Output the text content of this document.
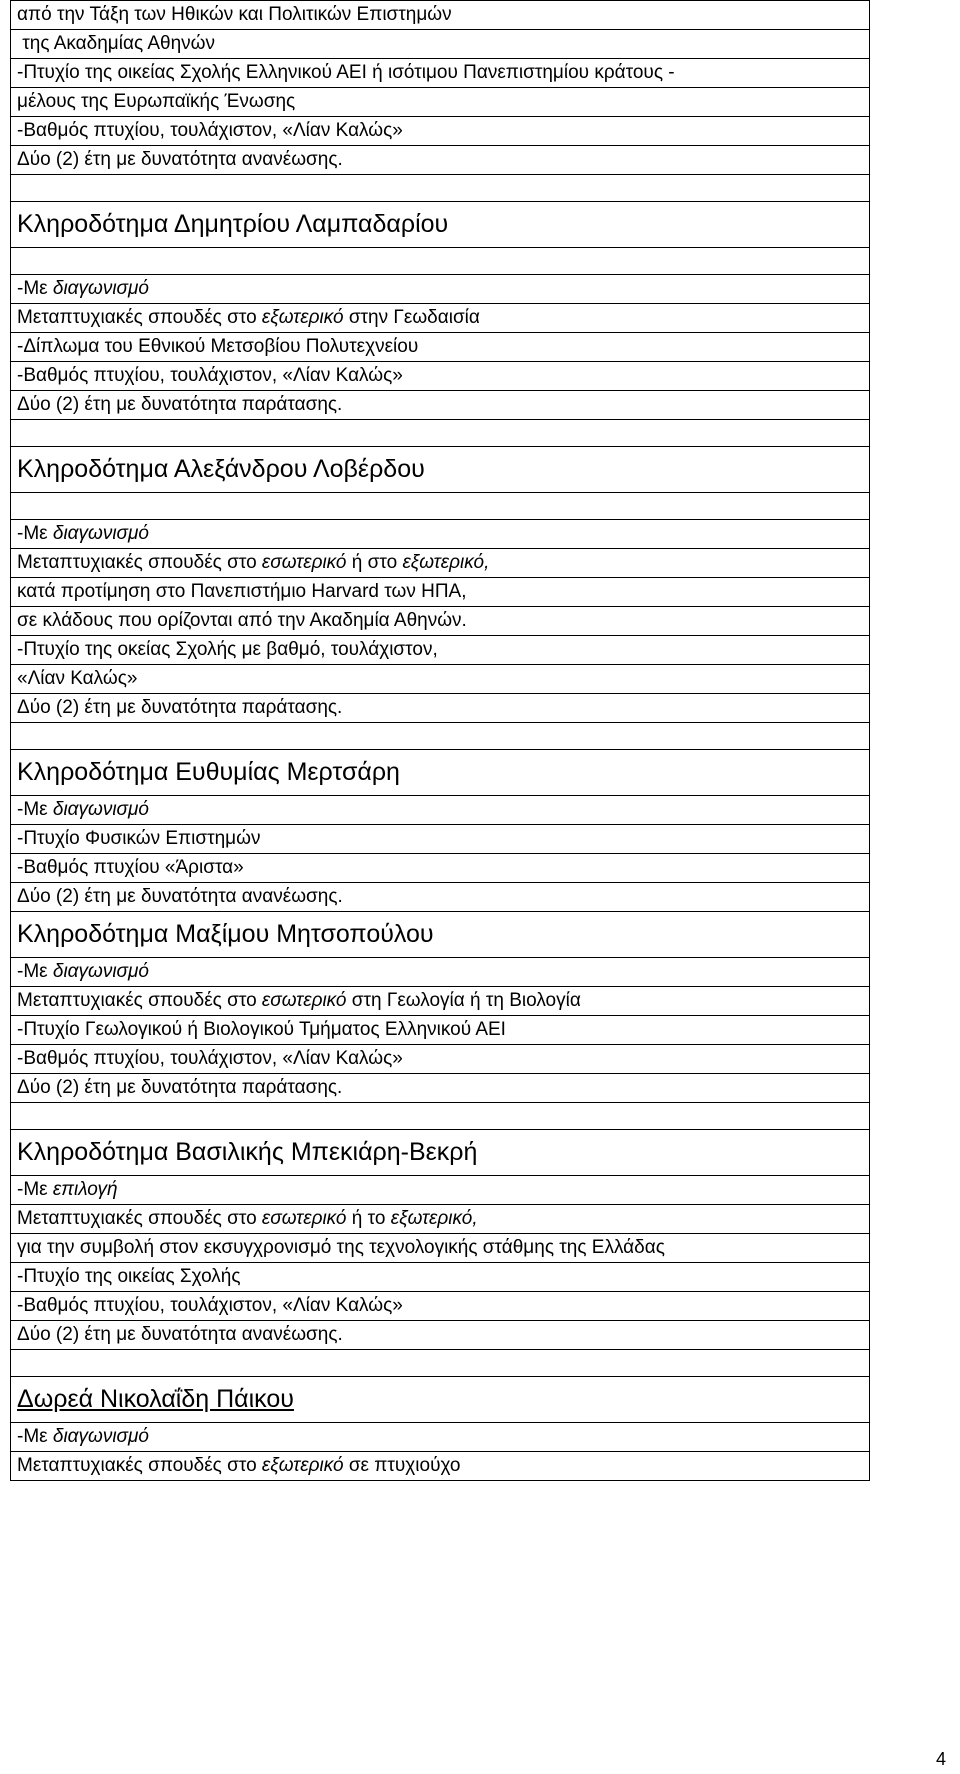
από την Τάξη των Ηθικών και Πολιτικών Επιστημών
της Ακαδημίας Αθηνών
-Πτυχίο της οικείας Σχολής Ελληνικού ΑΕΙ ή ισότιμου Πανεπιστημίου κράτους -
μέλους της Ευρωπαϊκής Ένωσης
-Βαθμός πτυχίου, τουλάχιστον, «Λίαν Καλώς»
Δύο (2) έτη με δυνατότητα ανανέωσης.

Κληροδότημα Δημητρίου Λαμπαδαρίου

-Με διαγωνισμό
Μεταπτυχιακές σπουδές στο εξωτερικό στην Γεωδαισία
-Δίπλωμα του Εθνικού Μετσοβίου Πολυτεχνείου
-Βαθμός πτυχίου, τουλάχιστον, «Λίαν Καλώς»
Δύο (2) έτη με δυνατότητα παράτασης.

Κληροδότημα Αλεξάνδρου Λοβέρδου

-Με διαγωνισμό
Μεταπτυχιακές σπουδές στο εσωτερικό ή στο εξωτερικό,
κατά προτίμηση στο Πανεπιστήμιο Harvard των ΗΠΑ,
σε κλάδους που ορίζονται από την Ακαδημία Αθηνών.
-Πτυχίο της οκείας Σχολής με βαθμό, τουλάχιστον,
«Λίαν Καλώς»
Δύο (2) έτη με δυνατότητα παράτασης.

Κληροδότημα Ευθυμίας Μερτσάρη
-Με διαγωνισμό
-Πτυχίο Φυσικών Επιστημών
-Βαθμός πτυχίου «Άριστα»
Δύο (2) έτη με δυνατότητα ανανέωσης.
Κληροδότημα Μαξίμου Μητσοπούλου
-Με διαγωνισμό
Μεταπτυχιακές σπουδές στο εσωτερικό στη Γεωλογία ή τη Βιολογία
-Πτυχίο Γεωλογικού ή Βιολογικού Τμήματος Ελληνικού ΑΕΙ
-Βαθμός πτυχίου, τουλάχιστον, «Λίαν Καλώς»
Δύο (2) έτη με δυνατότητα παράτασης.

Κληροδότημα Βασιλικής Μπεκιάρη-Βεκρή
-Με επιλογή
Μεταπτυχιακές σπουδές στο εσωτερικό ή το εξωτερικό,
για την συμβολή στον εκσυγχρονισμό της τεχνολογικής στάθμης της Ελλάδας
-Πτυχίο της οικείας Σχολής
-Βαθμός πτυχίου, τουλάχιστον, «Λίαν Καλώς»
Δύο (2) έτη με δυνατότητα ανανέωσης.

Δωρεά Νικολαΐδη Πάικου
-Με διαγωνισμό
Μεταπτυχιακές σπουδές στο εξωτερικό σε πτυχιούχο
4
